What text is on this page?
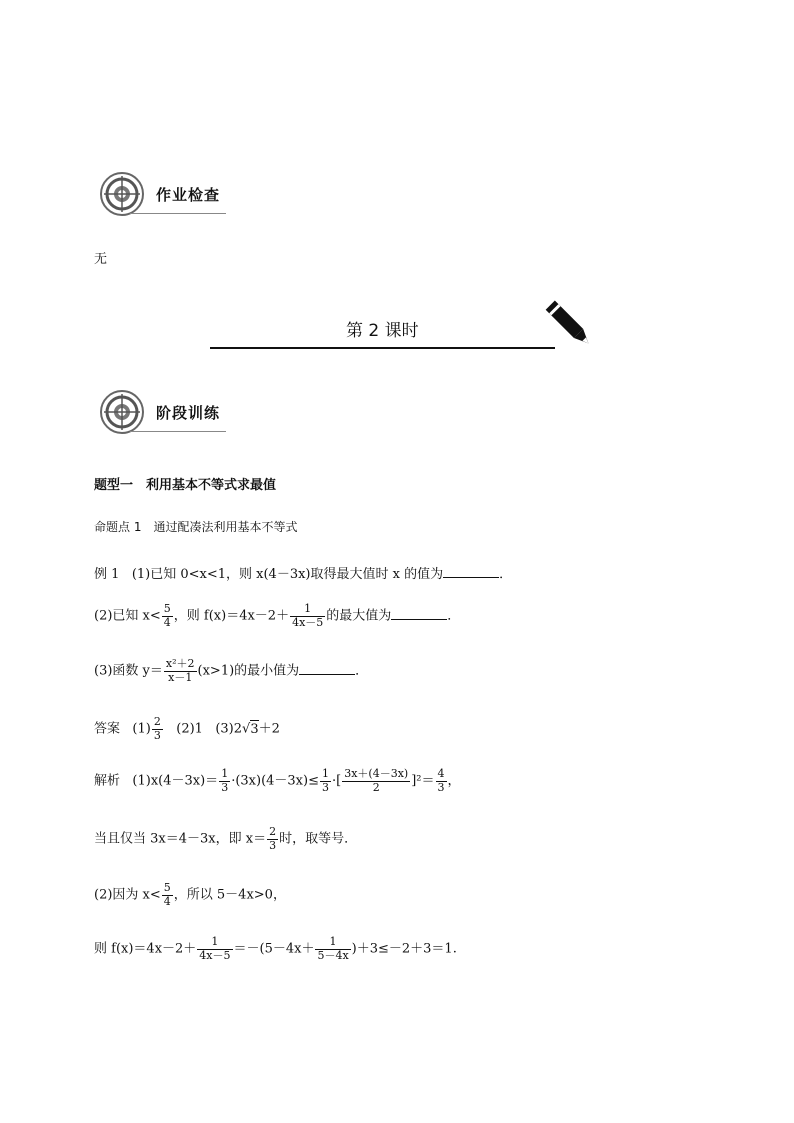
作业检查
无
第 2 课时
阶段训练
题型一　利用基本不等式求最值
命题点 1　通过配凑法利用基本不等式
例 1 (1)已知 0<x<1，则 x(4－3x)取得最大值时 x 的值为	．
(2)已知 $x< \frac{5}{4}$ ，则 $f(x)=4x-2+ \frac{1}{4x-5}$ 的最大值为	．
(3)函数 $y= \frac{\text{x²＋2}}{x-1} (x>1)$的最小值为	．
答案 $(1) \frac{2}{3} (2)1$ (3)2√3＋2
解析 $(1)x(4-3x)= \frac{1}{3} \cdot(3x)(4-3x)\le \frac{1}{3}$ ·[ $\frac{3x+(4-3x)}{2} ]^2= \frac{4}{3}$ ，
当且仅当 3x＝4－3x，即 $x= \frac{2}{3}$ 时，取等号．
(2)因为 $x< \frac{5}{4}$ ，所以 5－4x>0，
则 $f(x)=4x-2+ \frac{1}{4x-5} =-(5-4x+ \frac{1}{5-4x} )+3\le-2+3=1$.
